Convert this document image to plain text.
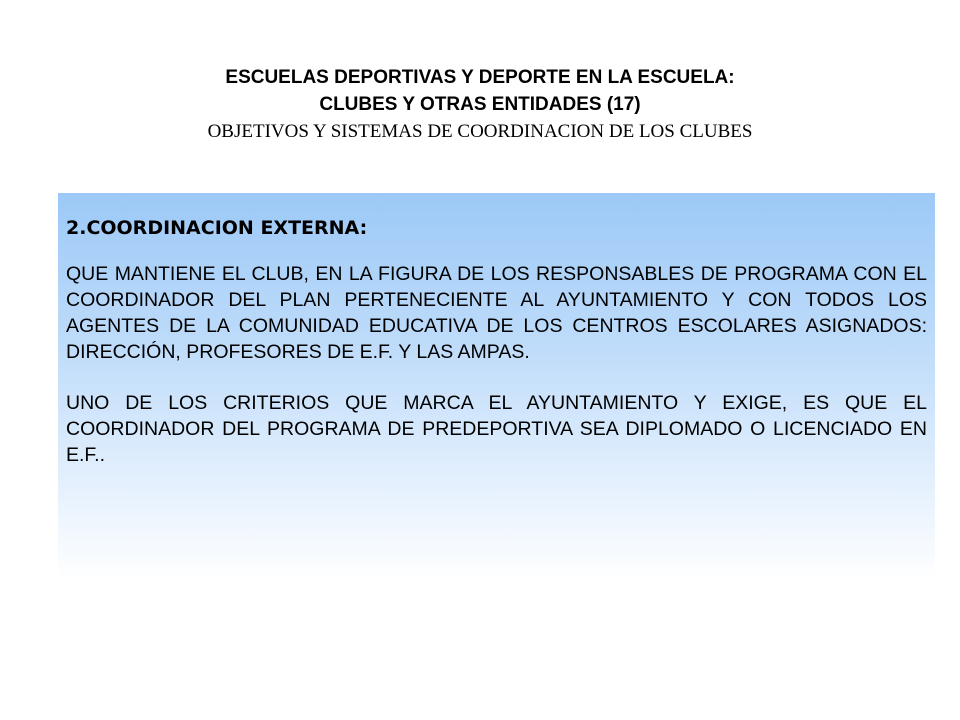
ESCUELAS DEPORTIVAS Y DEPORTE EN LA ESCUELA:

CLUBES Y OTRAS ENTIDADES (17)

OBJETIVOS Y SISTEMAS DE COORDINACION DE LOS CLUBES

2.COORDINACION EXTERNA:

QUE MANTIENE EL CLUB, EN LA FIGURA DE LOS RESPONSABLES DE PROGRAMA CON EL COORDINADOR DEL PLAN PERTENECIENTE AL AYUNTAMIENTO Y CON TODOS LOS AGENTES DE LA COMUNIDAD EDUCATIVA DE LOS CENTROS ESCOLARES ASIGNADOS: DIRECCIÓN, PROFESORES DE E.F. Y LAS AMPAS.

UNO DE LOS CRITERIOS QUE MARCA EL AYUNTAMIENTO Y EXIGE, ES QUE EL COORDINADOR DEL PROGRAMA DE PREDEPORTIVA SEA DIPLOMADO O LICENCIADO EN E.F..
